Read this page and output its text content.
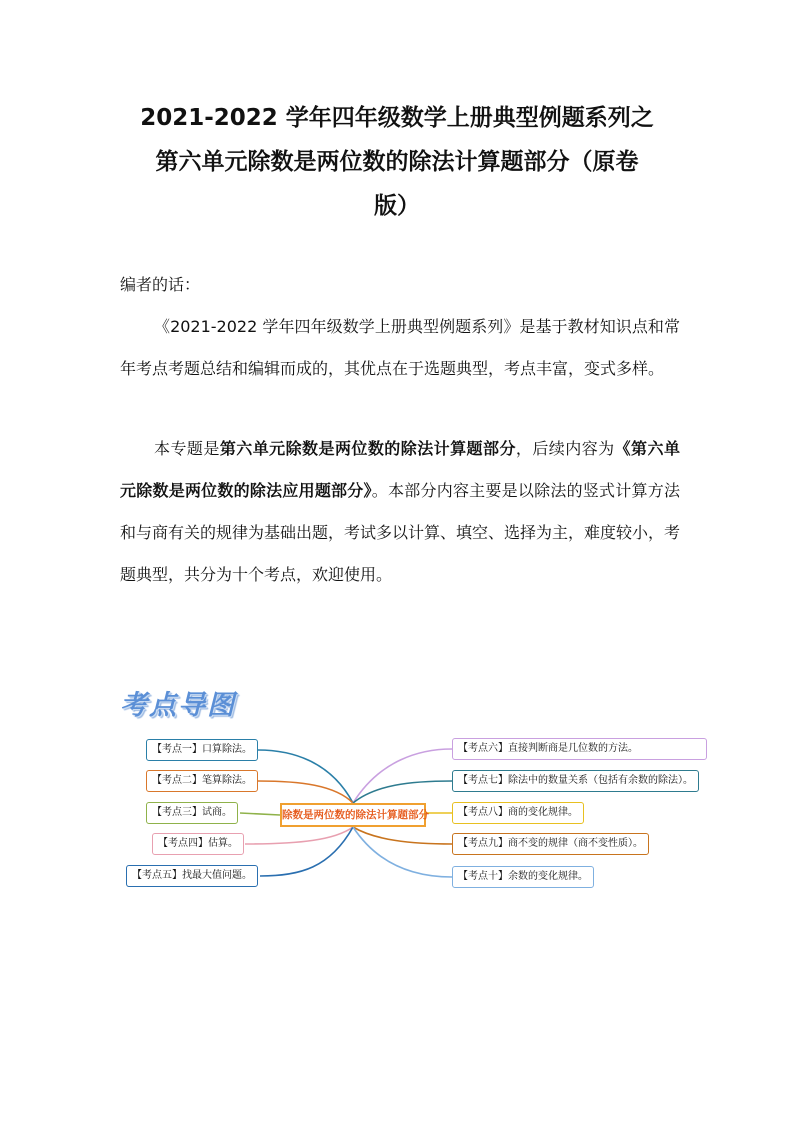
2021-2022 学年四年级数学上册典型例题系列之
第六单元除数是两位数的除法计算题部分（原卷
版）
编者的话：
《2021-2022 学年四年级数学上册典型例题系列》是基于教材知识点和常年考点考题总结和编辑而成的，其优点在于选题典型，考点丰富，变式多样。
本专题是第六单元除数是两位数的除法计算题部分，后续内容为《第六单元除数是两位数的除法应用题部分》。本部分内容主要是以除法的竖式计算方法和与商有关的规律为基础出题，考试多以计算、填空、选择为主，难度较小，考题典型，共分为十个考点，欢迎使用。
考点导图
除数是两位数的除法计算题部分
【考点一】口算除法。
【考点二】笔算除法。
【考点三】试商。
【考点四】估算。
【考点五】找最大值问题。
【考点六】直接判断商是几位数的方法。
【考点七】除法中的数量关系（包括有余数的除法）。
【考点八】商的变化规律。
【考点九】商不变的规律（商不变性质）。
【考点十】余数的变化规律。
